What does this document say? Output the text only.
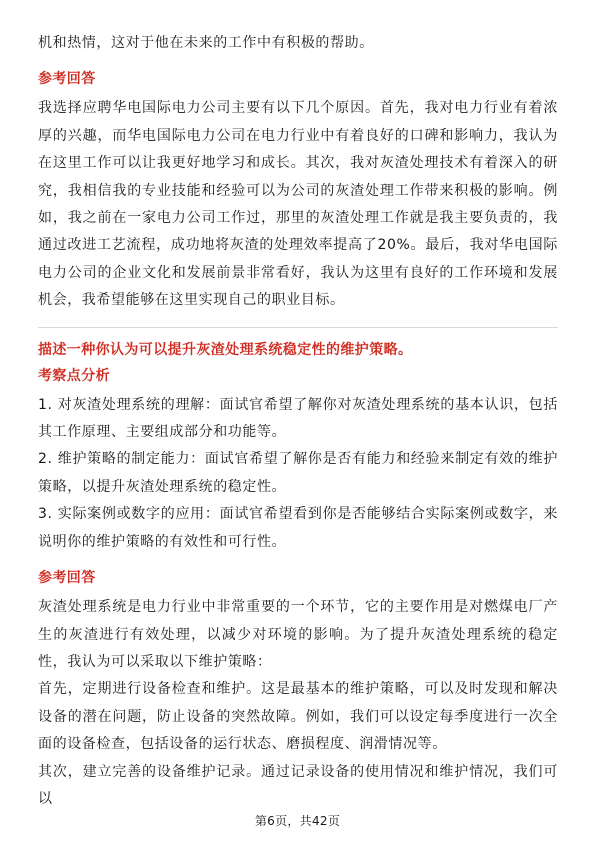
机和热情，这对于他在未来的工作中有积极的帮助。

参考回答

我选择应聘华电国际电力公司主要有以下几个原因。首先，我对电力行业有着浓厚的兴趣，而华电国际电力公司在电力行业中有着良好的口碑和影响力，我认为在这里工作可以让我更好地学习和成长。其次，我对灰渣处理技术有着深入的研究，我相信我的专业技能和经验可以为公司的灰渣处理工作带来积极的影响。例如，我之前在一家电力公司工作过，那里的灰渣处理工作就是我主要负责的，我通过改进工艺流程，成功地将灰渣的处理效率提高了20%。最后，我对华电国际电力公司的企业文化和发展前景非常看好，我认为这里有良好的工作环境和发展机会，我希望能够在这里实现自己的职业目标。

描述一种你认为可以提升灰渣处理系统稳定性的维护策略。
考察点分析

1. 对灰渣处理系统的理解：面试官希望了解你对灰渣处理系统的基本认识，包括其工作原理、主要组成部分和功能等。

2. 维护策略的制定能力：面试官希望了解你是否有能力和经验来制定有效的维护策略，以提升灰渣处理系统的稳定性。

3. 实际案例或数字的应用：面试官希望看到你是否能够结合实际案例或数字，来说明你的维护策略的有效性和可行性。

参考回答

灰渣处理系统是电力行业中非常重要的一个环节，它的主要作用是对燃煤电厂产生的灰渣进行有效处理，以减少对环境的影响。为了提升灰渣处理系统的稳定性，我认为可以采取以下维护策略：

首先，定期进行设备检查和维护。这是最基本的维护策略，可以及时发现和解决设备的潜在问题，防止设备的突然故障。例如，我们可以设定每季度进行一次全面的设备检查，包括设备的运行状态、磨损程度、润滑情况等。

其次，建立完善的设备维护记录。通过记录设备的使用情况和维护情况，我们可以

第6页，共42页
